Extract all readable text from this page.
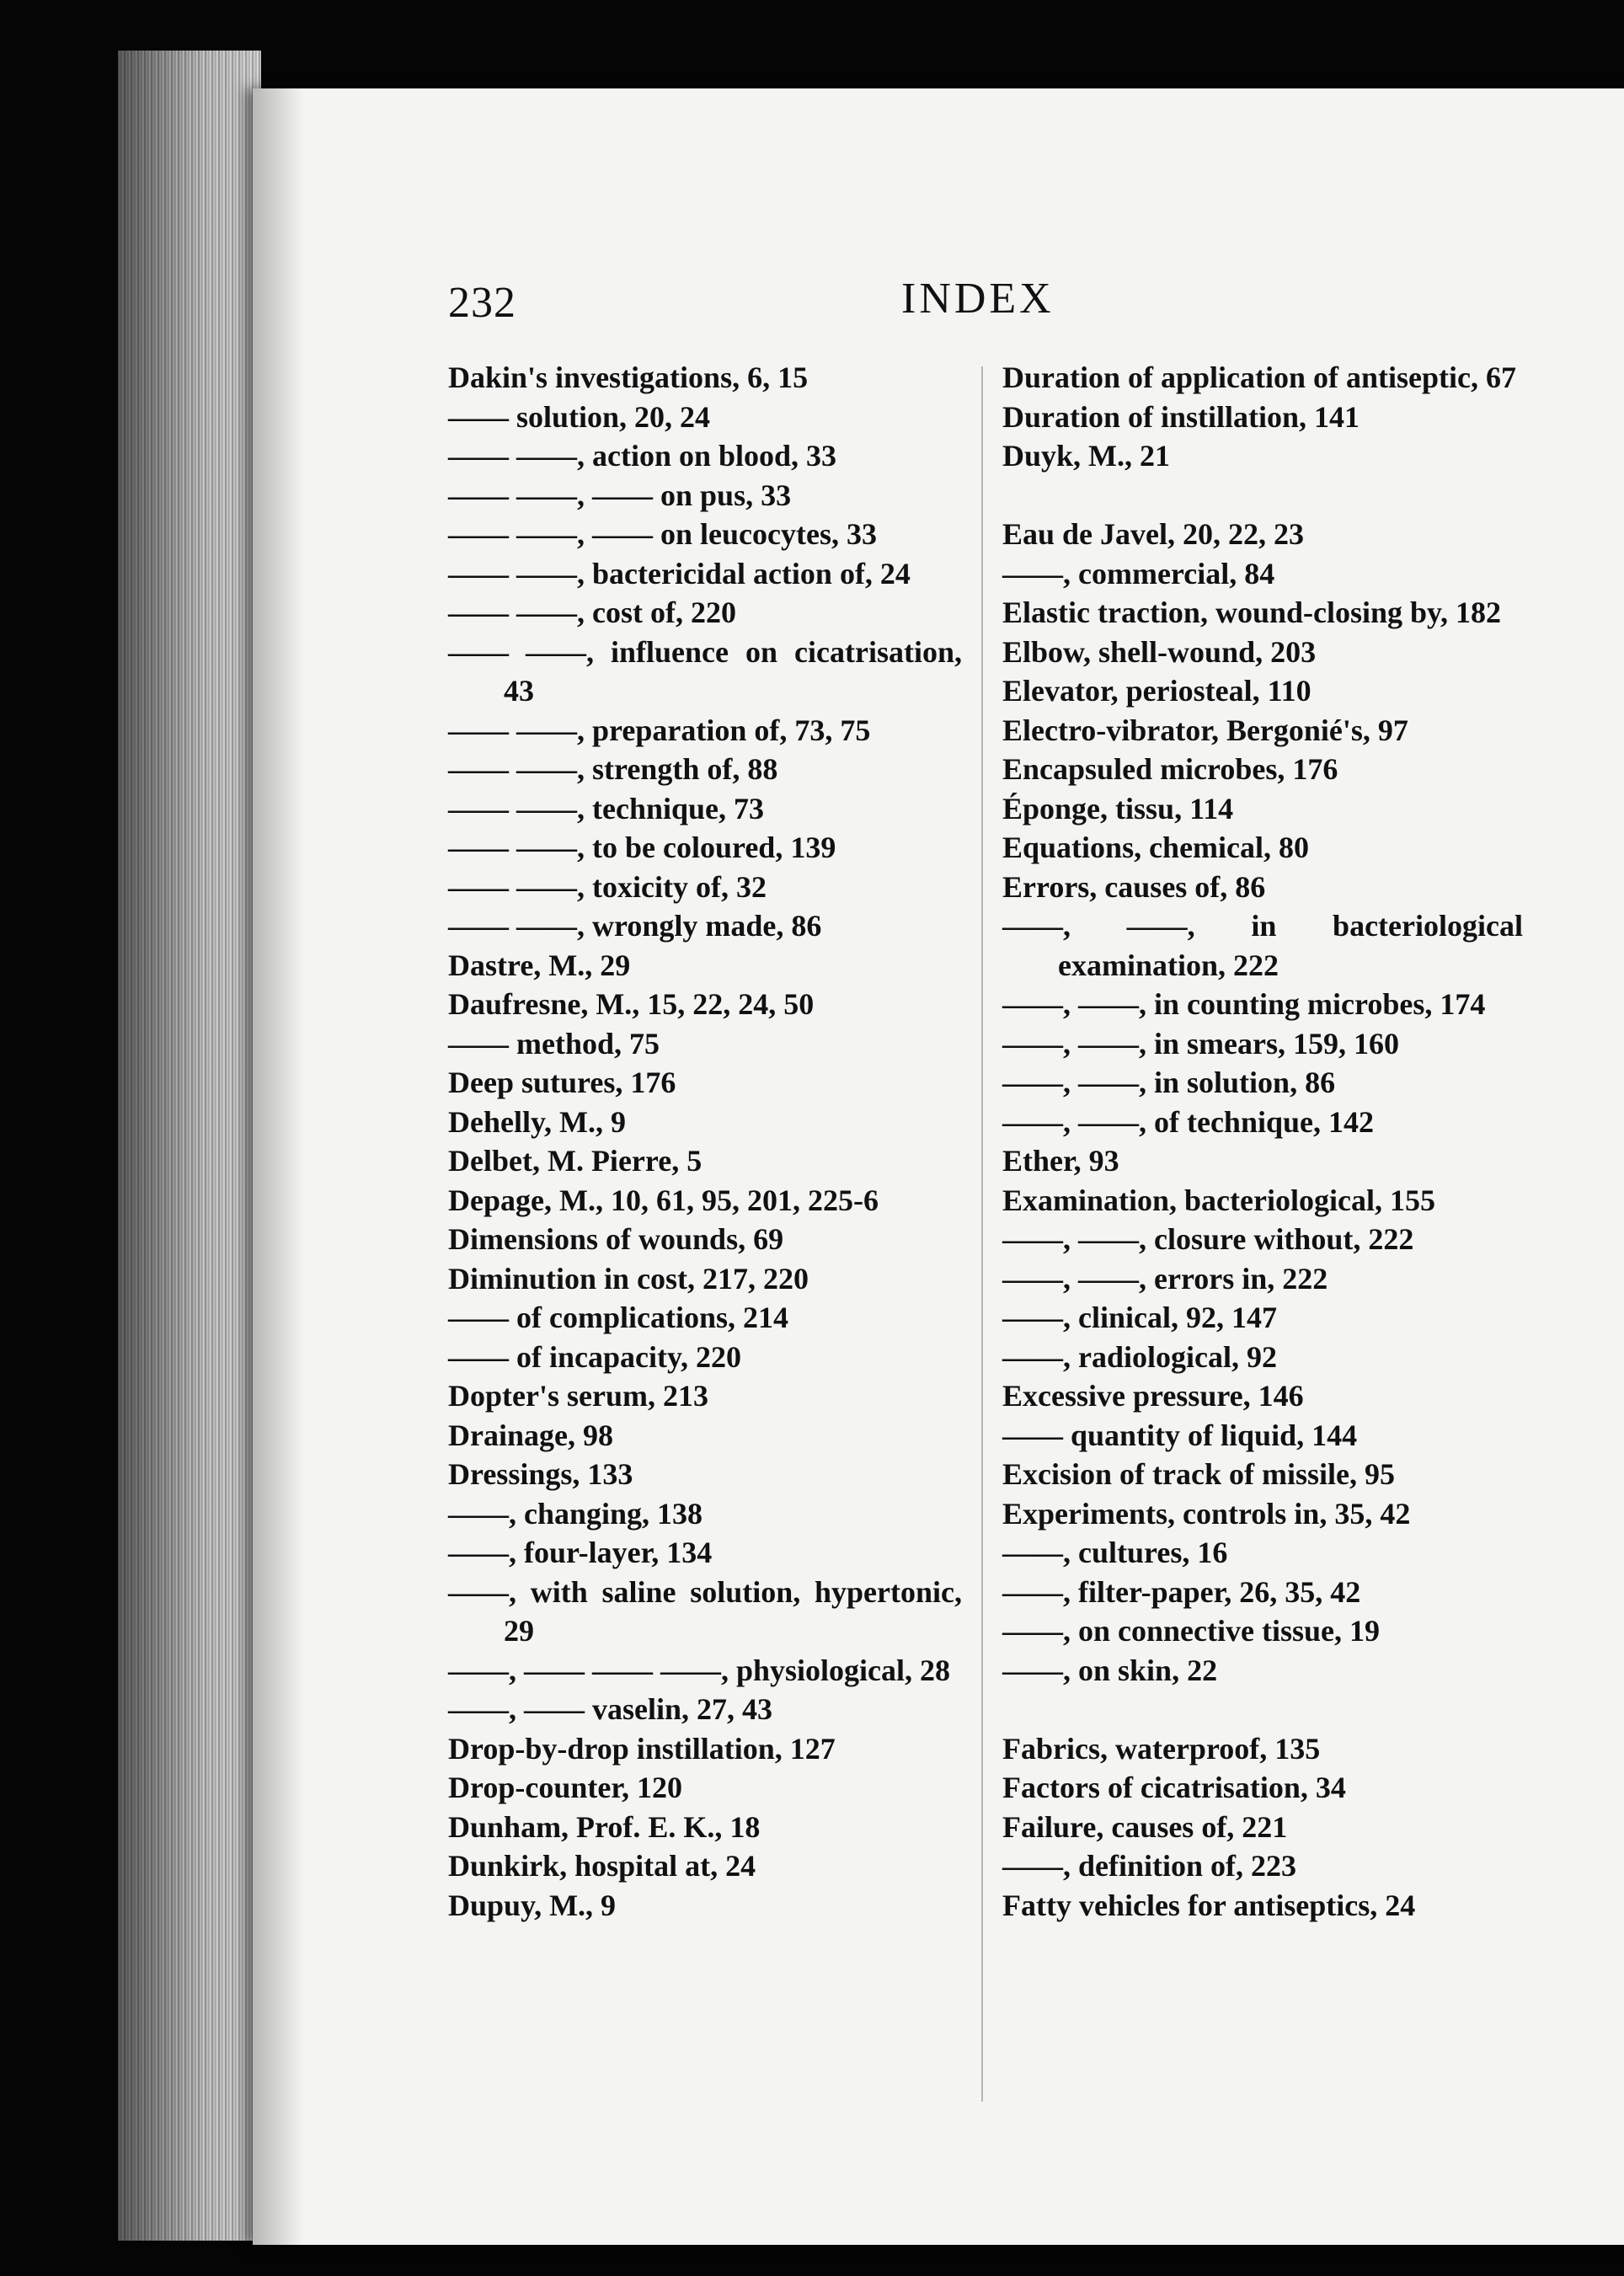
232	INDEX

Dakin's investigations, 6, 15

—— solution, 20, 24

—— ——, action on blood, 33

—— ——, —— on pus, 33

—— ——, —— on leucocytes, 33

—— ——, bactericidal action of, 24

—— ——, cost of, 220

—— ——, influence on cicatrisation, 43

—— ——, preparation of, 73, 75

—— ——, strength of, 88

—— ——, technique, 73

—— ——, to be coloured, 139

—— ——, toxicity of, 32

—— ——, wrongly made, 86

Dastre, M., 29

Daufresne, M., 15, 22, 24, 50

—— method, 75

Deep sutures, 176

Dehelly, M., 9

Delbet, M. Pierre, 5

Depage, M., 10, 61, 95, 201, 225-6

Dimensions of wounds, 69

Diminution in cost, 217, 220

—— of complications, 214

—— of incapacity, 220

Dopter's serum, 213

Drainage, 98

Dressings, 133

——, changing, 138

——, four-layer, 134

——, with saline solution, hypertonic, 29

——, —— —— ——, physiological, 28

——, —— vaselin, 27, 43

Drop-by-drop instillation, 127

Drop-counter, 120

Dunham, Prof. E. K., 18

Dunkirk, hospital at, 24

Dupuy, M., 9

Duration of application of antiseptic, 67

Duration of instillation, 141

Duyk, M., 21

Eau de Javel, 20, 22, 23

——, commercial, 84

Elastic traction, wound-closing by, 182

Elbow, shell-wound, 203

Elevator, periosteal, 110

Electro-vibrator, Bergonié's, 97

Encapsuled microbes, 176

Éponge, tissu, 114

Equations, chemical, 80

Errors, causes of, 86

——, ——, in bacteriological examination, 222

——, ——, in counting microbes, 174

——, ——, in smears, 159, 160

——, ——, in solution, 86

——, ——, of technique, 142

Ether, 93

Examination, bacteriological, 155

——, ——, closure without, 222

——, ——, errors in, 222

——, clinical, 92, 147

——, radiological, 92

Excessive pressure, 146

—— quantity of liquid, 144

Excision of track of missile, 95

Experiments, controls in, 35, 42

——, cultures, 16

——, filter-paper, 26, 35, 42

——, on connective tissue, 19

——, on skin, 22

Fabrics, waterproof, 135

Factors of cicatrisation, 34

Failure, causes of, 221

——, definition of, 223

Fatty vehicles for antiseptics, 24
